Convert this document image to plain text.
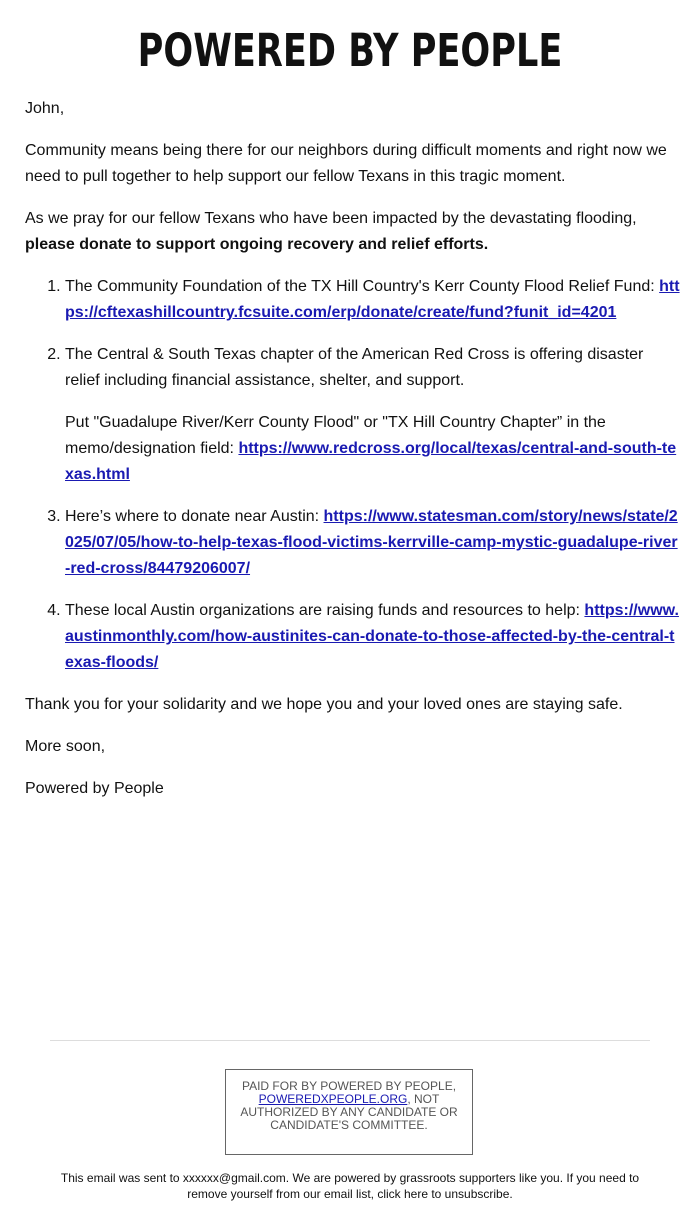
POWERED BY PEOPLE

John,

Community means being there for our neighbors during difficult moments and right now we need to pull together to help support our fellow Texans in this tragic moment.

As we pray for our fellow Texans who have been impacted by the devastating flooding, please donate to support ongoing recovery and relief efforts.

1. The Community Foundation of the TX Hill Country's Kerr County Flood Relief Fund: https://cftexashillcountry.fcsuite.com/erp/donate/create/fund?funit_id=4201

2. The Central & South Texas chapter of the American Red Cross is offering disaster relief including financial assistance, shelter, and support.

Put "Guadalupe River/Kerr County Flood" or "TX Hill Country Chapter” in the memo/designation field: https://www.redcross.org/local/texas/central-and-south-texas.html

3. Here’s where to donate near Austin: https://www.statesman.com/story/news/state/2025/07/05/how-to-help-texas-flood-victims-kerrville-camp-mystic-guadalupe-river-red-cross/84479206007/
4. These local Austin organizations are raising funds and resources to help: https://www.austinmonthly.com/how-austinites-can-donate-to-those-affected-by-the-central-texas-floods/

Thank you for your solidarity and we hope you and your loved ones are staying safe.

More soon,

Powered by People

PAID FOR BY POWERED BY PEOPLE, POWEREDXPEOPLE.ORG, NOT AUTHORIZED BY ANY CANDIDATE OR CANDIDATE'S COMMITTEE.
This email was sent to xxxxxx@gmail.com. We are powered by grassroots supporters like you. If you need to remove yourself from our email list, click here to unsubscribe.
